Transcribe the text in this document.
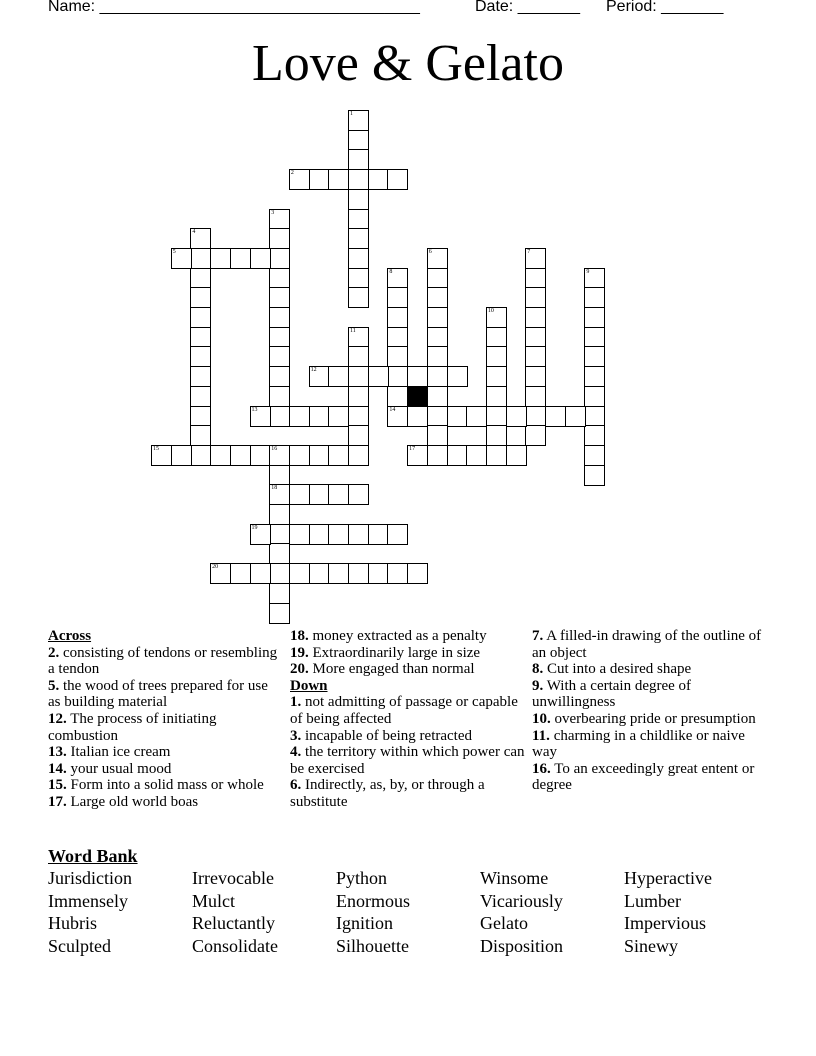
Name: ____________________________________	Date: _______ Period: _______
Love & Gelato
1
2
3
4
5	6	7
8
14
9
10
11
12
13
15	16
18
17
19
20
Across
2. consisting of tendons or resembling a tendon
5. the wood of trees prepared for use as building material
12. The process of initiating combustion
13. Italian ice cream
14. your usual mood
15. Form into a solid mass or whole
17. Large old world boas
18. money extracted as a penalty
19. Extraordinarily large in size
20. More engaged than normal
Down
1. not admitting of passage or capable of being affected
3. incapable of being retracted
4. the territory within which power can be exercised
6. Indirectly, as, by, or through a substitute
7. A filled-in drawing of the outline of an object
8. Cut into a desired shape
9. With a certain degree of unwillingness
10. overbearing pride or presumption
11. charming in a childlike or naive way
16. To an exceedingly great entent or degree
Word Bank
Jurisdiction	Irrevocable	Python	Winsome	Hyperactive
Immensely	Mulct	Enormous	Vicariously	Lumber
Hubris	Reluctantly	Ignition	Gelato	Impervious
Sculpted	Consolidate	Silhouette	Disposition	Sinewy
